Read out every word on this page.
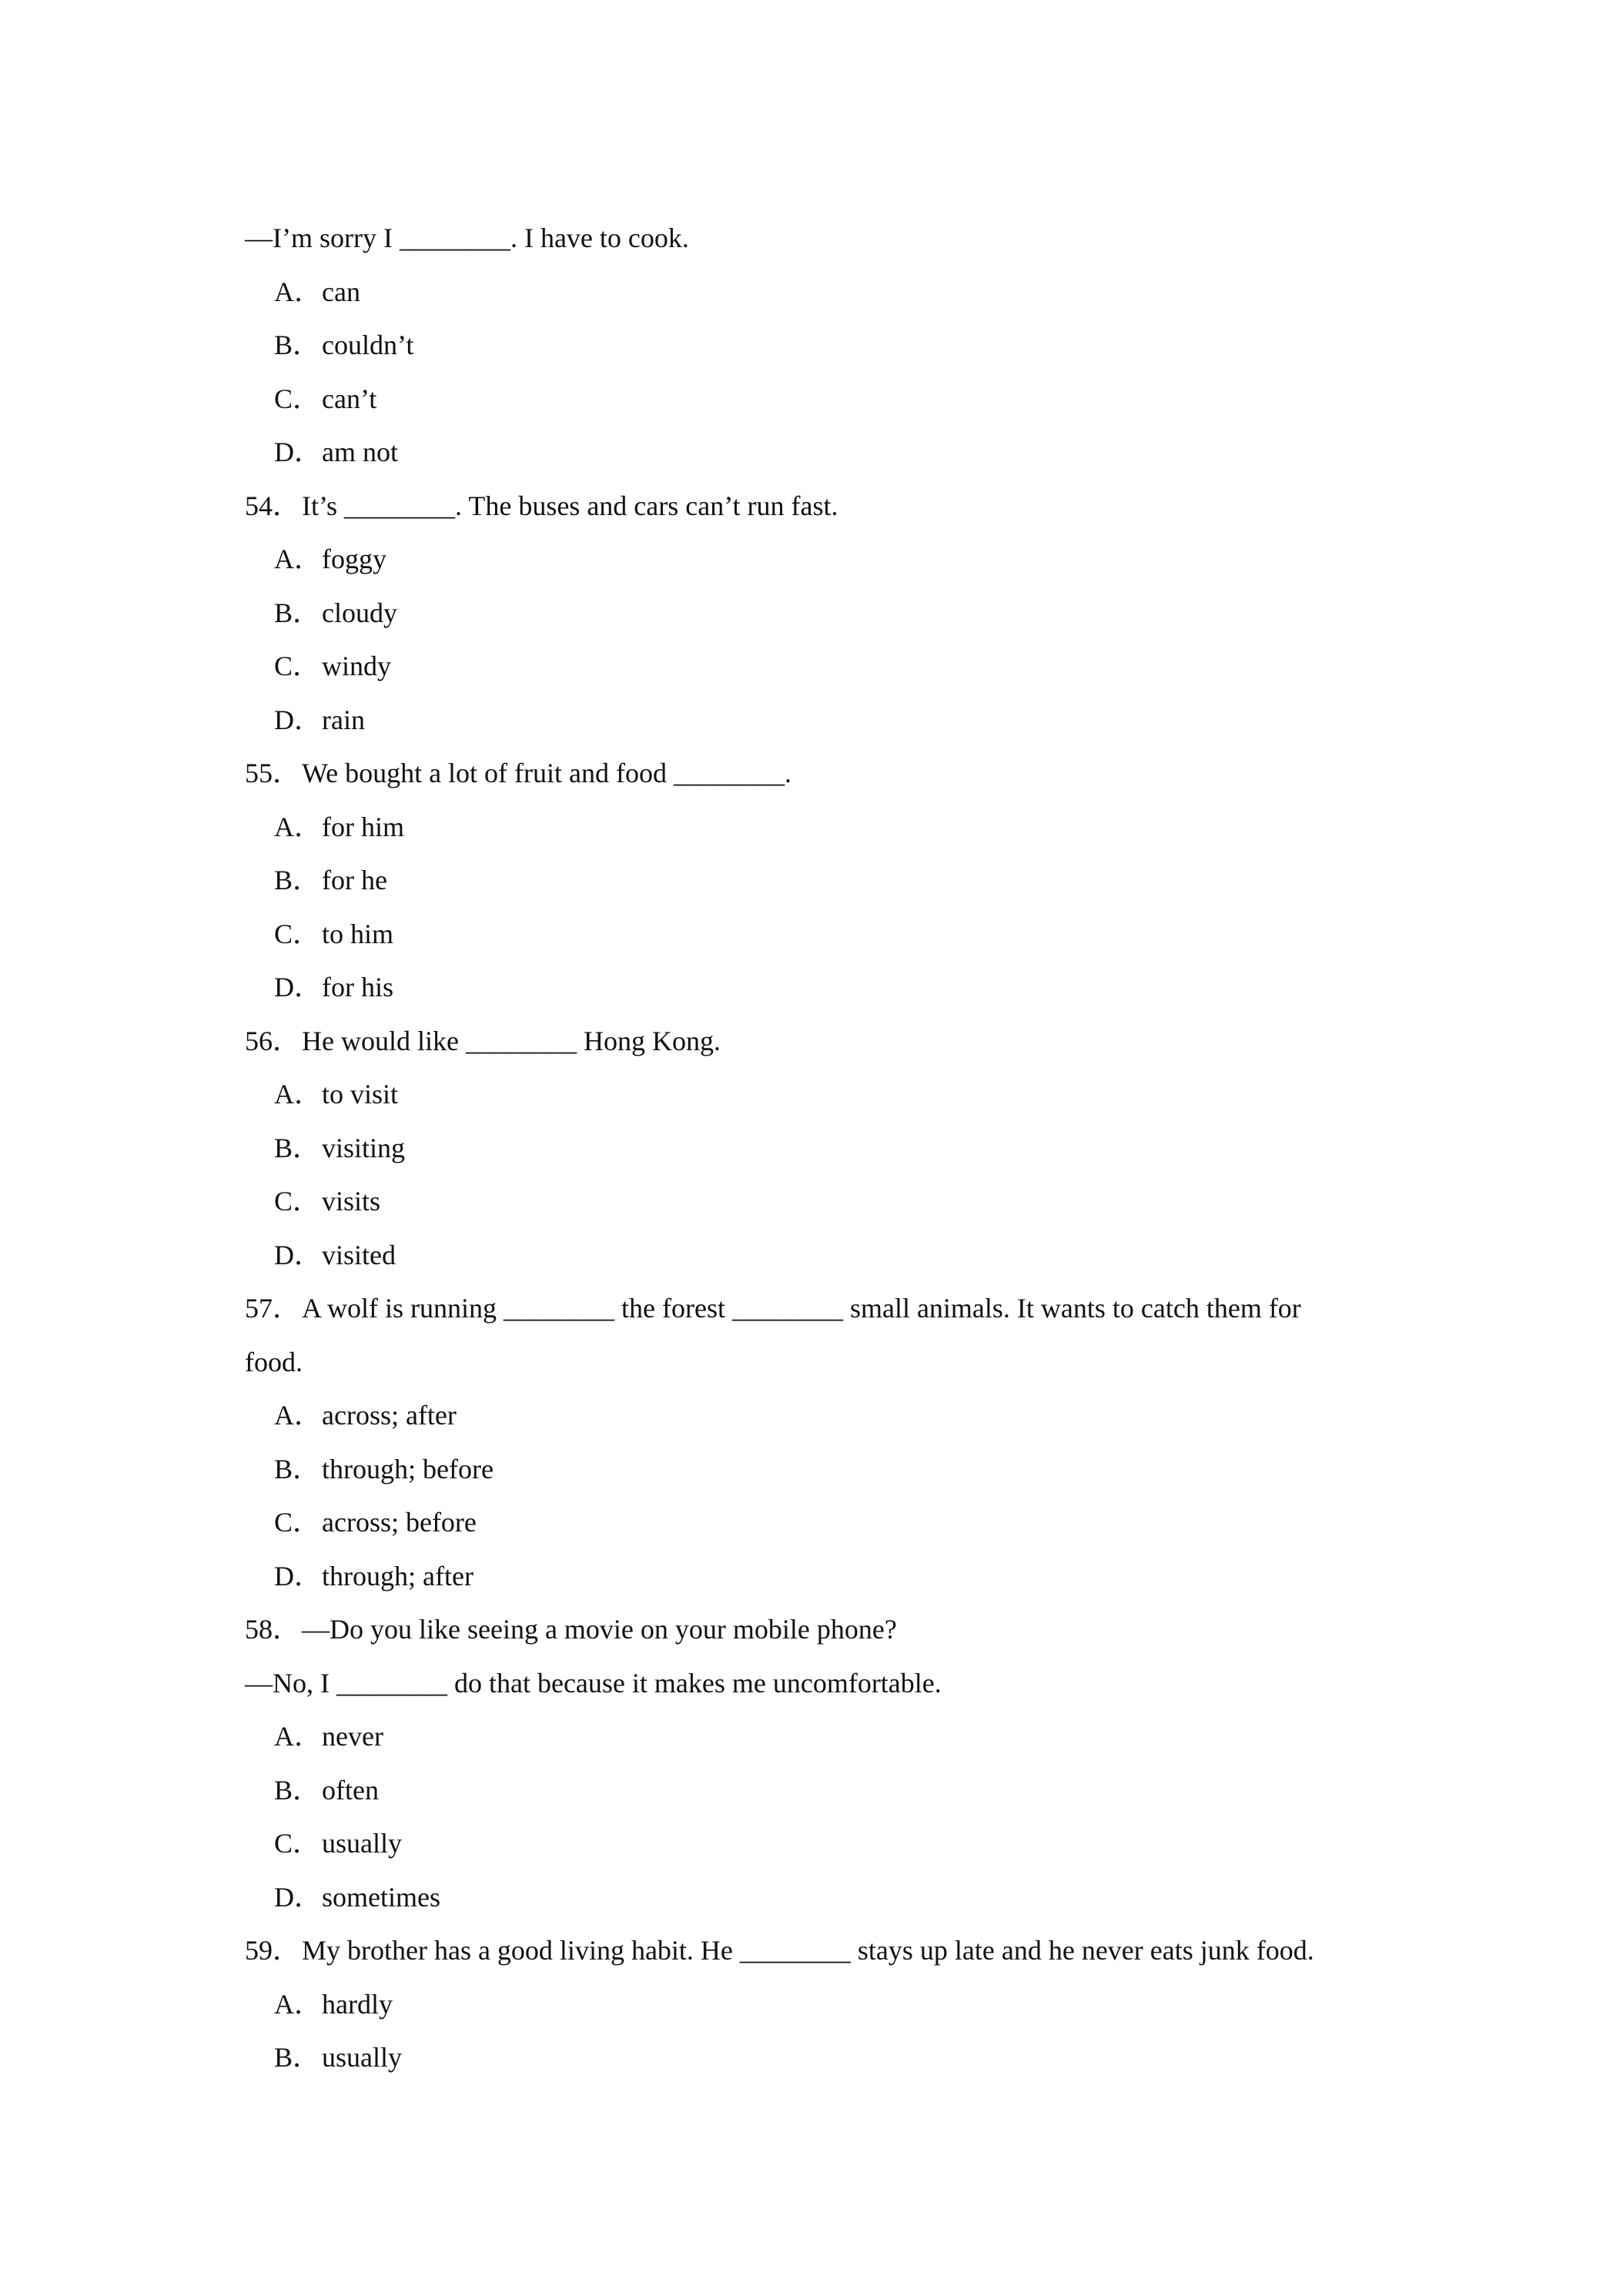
—I’m sorry I ________. I have to cook.
A．can
B．couldn’t
C．can’t
D．am not
54．It’s ________. The buses and cars can’t run fast.
A．foggy
B．cloudy
C．windy
D．rain
55．We bought a lot of fruit and food ________.
A．for him
B．for he
C．to him
D．for his
56．He would like ________ Hong Kong.
A．to visit
B．visiting
C．visits
D．visited
57．A wolf is running ________ the forest ________ small animals. It wants to catch them for
food.
A．across; after
B．through; before
C．across; before
D．through; after
58．—Do you like seeing a movie on your mobile phone?
—No, I ________ do that because it makes me uncomfortable.
A．never
B．often
C．usually
D．sometimes
59．My brother has a good living habit. He ________ stays up late and he never eats junk food.
A．hardly
B．usually
